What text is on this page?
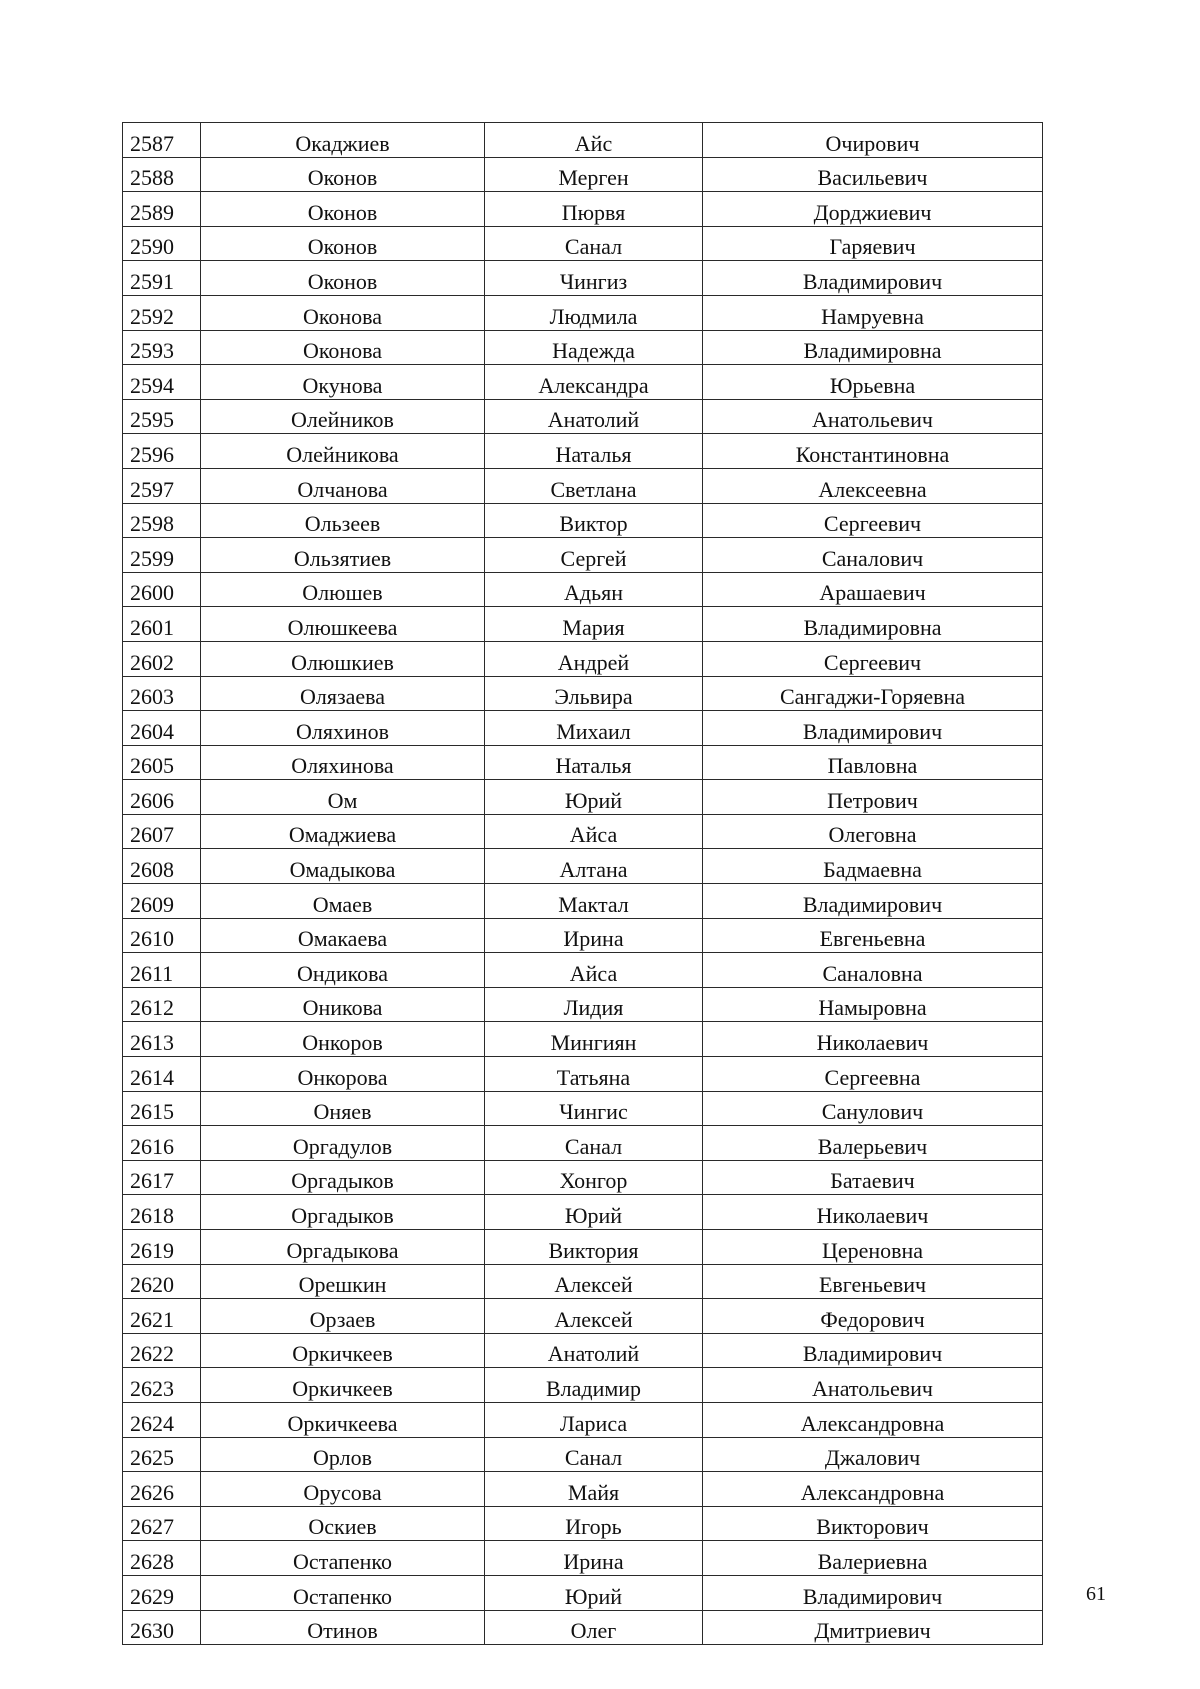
2587	Окаджиев	Айс	Очирович
2588	Оконов	Мерген	Васильевич
2589	Оконов	Пюрвя	Дорджиевич
2590	Оконов	Санал	Гаряевич
2591	Оконов	Чингиз	Владимирович
2592	Оконова	Людмила	Намруевна
2593	Оконова	Надежда	Владимировна
2594	Окунова	Александра	Юрьевна
2595	Олейников	Анатолий	Анатольевич
2596	Олейникова	Наталья	Константиновна
2597	Олчанова	Светлана	Алексеевна
2598	Ользеев	Виктор	Сергеевич
2599	Ользятиев	Сергей	Саналович
2600	Олюшев	Адьян	Арашаевич
2601	Олюшкеева	Мария	Владимировна
2602	Олюшкиев	Андрей	Сергеевич
2603	Олязаева	Эльвира	Сангаджи-Горяевна
2604	Оляхинов	Михаил	Владимирович
2605	Оляхинова	Наталья	Павловна
2606	Ом	Юрий	Петрович
2607	Омаджиева	Айса	Олеговна
2608	Омадыкова	Алтана	Бадмаевна
2609	Омаев	Мактал	Владимирович
2610	Омакаева	Ирина	Евгеньевна
2611	Ондикова	Айса	Саналовна
2612	Оникова	Лидия	Намыровна
2613	Онкоров	Мингиян	Николаевич
2614	Онкорова	Татьяна	Сергеевна
2615	Оняев	Чингис	Санулович
2616	Оргадулов	Санал	Валерьевич
2617	Оргадыков	Хонгор	Батаевич
2618	Оргадыков	Юрий	Николаевич
2619	Оргадыкова	Виктория	Цереновна
2620	Орешкин	Алексей	Евгеньевич
2621	Орзаев	Алексей	Федорович
2622	Оркичкеев	Анатолий	Владимирович
2623	Оркичкеев	Владимир	Анатольевич
2624	Оркичкеева	Лариса	Александровна
2625	Орлов	Санал	Джалович
2626	Орусова	Майя	Александровна
2627	Оскиев	Игорь	Викторович
2628	Остапенко	Ирина	Валериевна
2629	Остапенко	Юрий	Владимирович
2630	Отинов	Олег	Дмитриевич
61
